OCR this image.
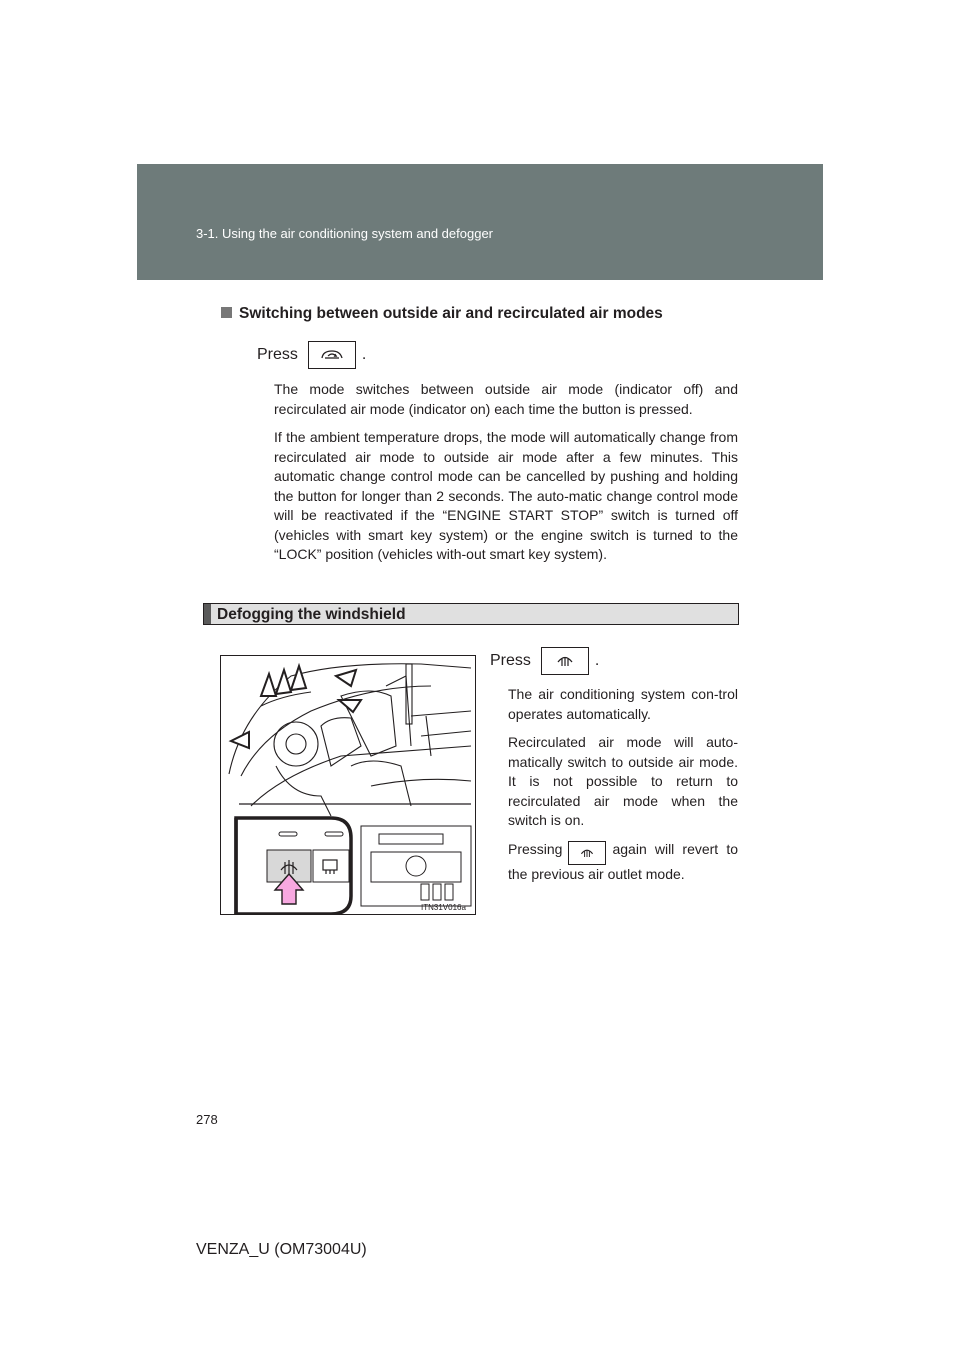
3-1. Using the air conditioning system and defogger
Switching between outside air and recirculated air modes
Press	.

The mode switches between outside air mode (indicator off) and recirculated air mode (indicator on) each time the button is pressed.

If the ambient temperature drops, the mode will automatically change from recirculated air mode to outside air mode after a few minutes. This automatic change control mode can be cancelled by pushing and holding the button for longer than 2 seconds. The auto-matic change control mode will be reactivated if the “ENGINE START STOP” switch is turned off (vehicles with smart key system) or the engine switch is turned to the “LOCK” position (vehicles with-out smart key system).

Defogging the windshield
ITN31V016a
Press	.

The air conditioning system con-trol operates automatically.

Recirculated air mode will auto-matically switch to outside air mode. It is not possible to return to recirculated air mode when the switch is on.

Pressing	again will revert to the previous air outlet mode.

278
VENZA_U (OM73004U)
